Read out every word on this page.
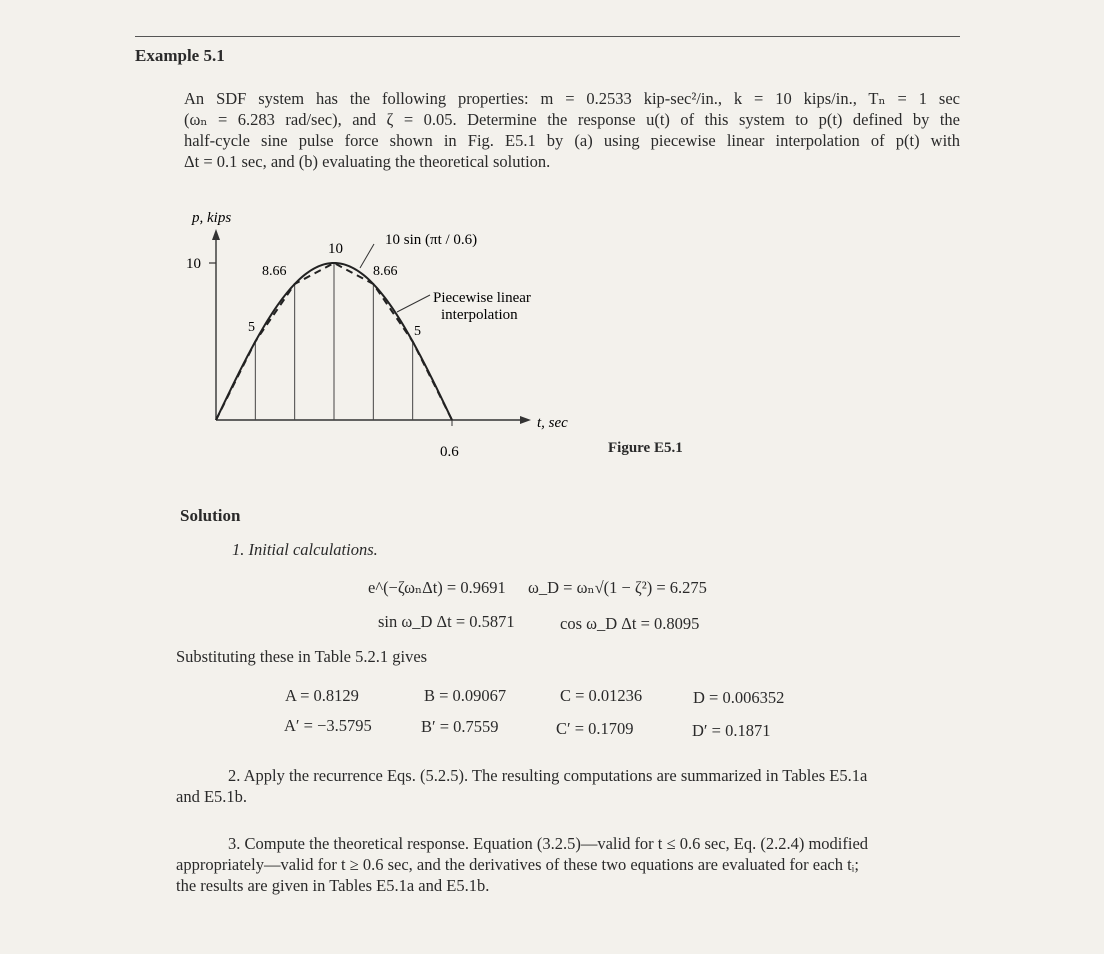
Example 5.1
An SDF system has the following properties: m = 0.2533 kip-sec²/in., k = 10 kips/in., Tₙ = 1 sec
(ωₙ = 6.283 rad/sec), and ζ = 0.05. Determine the response u(t) of this system to p(t) defined by the
half-cycle sine pulse force shown in Fig. E5.1 by (a) using piecewise linear interpolation of p(t) with
Δt = 0.1 sec, and (b) evaluating the theoretical solution.
p, kips
10
t, sec
0.6
10
10 sin (πt / 0.6)
Piecewise linear
interpolation
5
8.66	8.66
5
Figure E5.1
Solution
1. Initial calculations.
e^(−ζωₙΔt) = 0.9691 ω_D = ωₙ√(1 − ζ²) = 6.275
sin ω_D Δt = 0.5871	cos ω_D Δt = 0.8095
Substituting these in Table 5.2.1 gives
A = 0.8129	B = 0.09067	C = 0.01236	D = 0.006352
A′ = −3.5795	B′ = 0.7559	C′ = 0.1709	D′ = 0.1871
2. Apply the recurrence Eqs. (5.2.5). The resulting computations are summarized in Tables E5.1a
and E5.1b.
3. Compute the theoretical response. Equation (3.2.5)—valid for t ≤ 0.6 sec, Eq. (2.2.4) modified
appropriately—valid for t ≥ 0.6 sec, and the derivatives of these two equations are evaluated for each tᵢ;
the results are given in Tables E5.1a and E5.1b.
